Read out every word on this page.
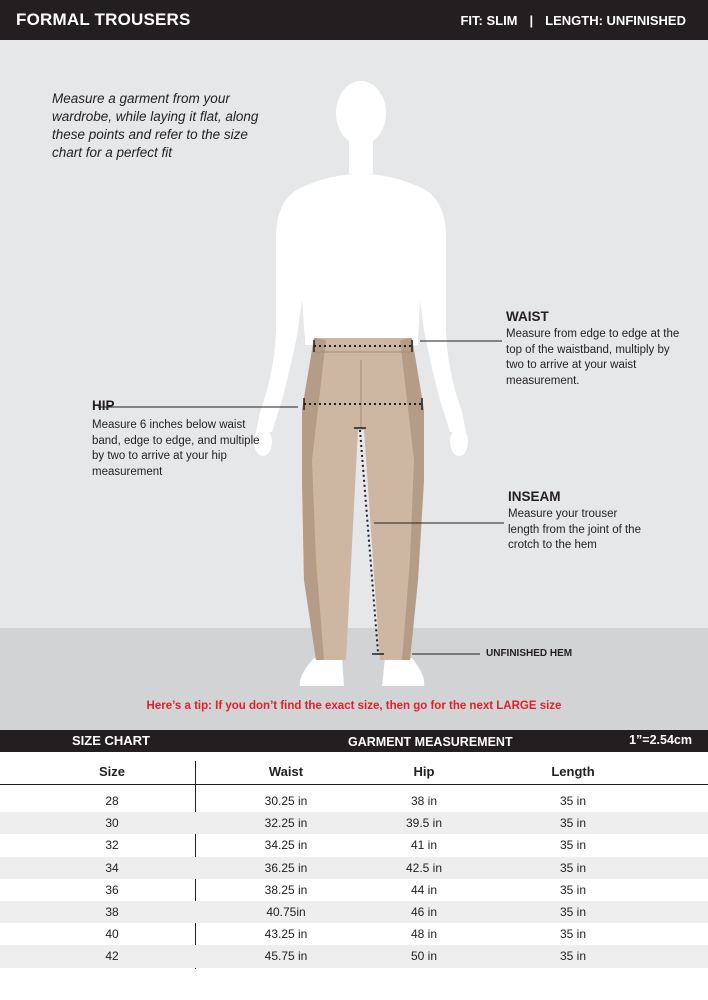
FORMAL TROUSERS	FIT: SLIM | LENGTH: UNFINISHED
Measure a garment from your wardrobe, while laying it flat, along these points and refer to the size chart for a perfect fit
WAIST
Measure from edge to edge at the top of the waistband, multiply by two to arrive at your waist measurement.
HIP
Measure 6 inches below waist band, edge to edge, and multiple by two to arrive at your hip measurement
INSEAM
Measure your trouser length from the joint of the crotch to the hem
UNFINISHED HEM
Here’s a tip: If you don’t find the exact size, then go for the next LARGE size
SIZE CHART	GARMENT MEASUREMENT	1”=2.54cm
Size	Waist	Hip	Length
28	30.25 in	38 in	35 in
30	32.25 in	39.5 in	35 in
32	34.25 in	41 in	35 in
34	36.25 in	42.5 in	35 in
36	38.25 in	44 in	35 in
38	40.75in	46 in	35 in
40	43.25 in	48 in	35 in
42	45.75 in	50 in	35 in
